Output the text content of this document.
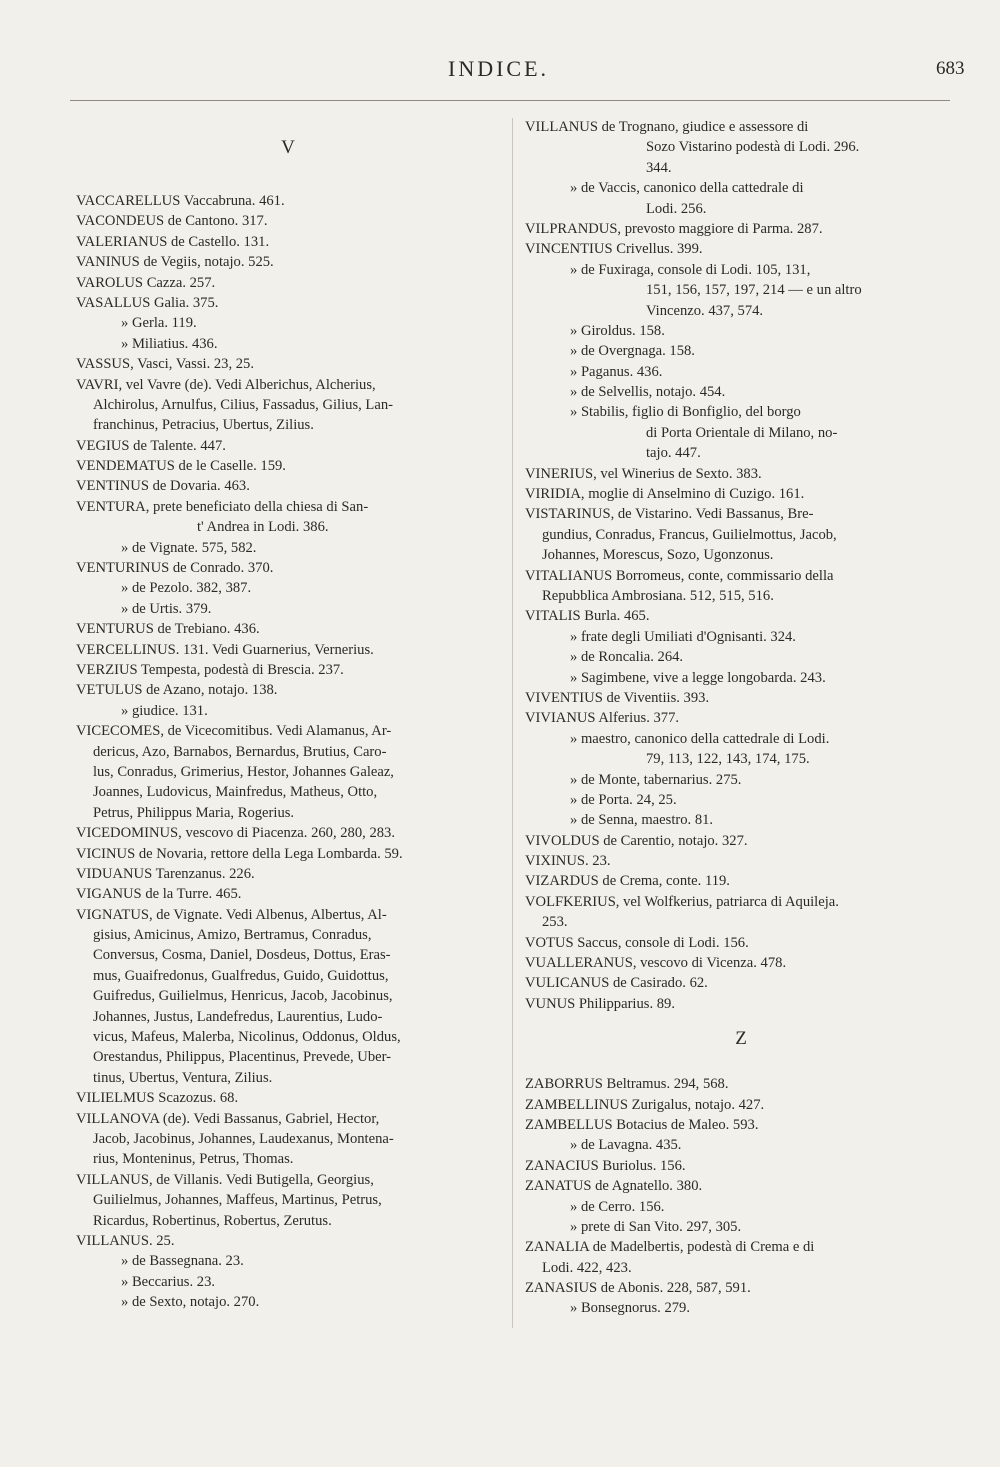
INDICE.	683
V
VACCARELLUS Vaccabruna. 461.
VACONDEUS de Cantono. 317.
VALERIANUS de Castello. 131.
VANINUS de Vegiis, notajo. 525.
VAROLUS Cazza. 257.
VASALLUS Galia. 375.
» Gerla. 119.
» Miliatius. 436.
VASSUS, Vasci, Vassi. 23, 25.
VAVRI, vel Vavre (de). Vedi Alberichus, Alcherius,
Alchirolus, Arnulfus, Cilius, Fassadus, Gilius, Lan-
franchinus, Petracius, Ubertus, Zilius.
VEGIUS de Talente. 447.
VENDEMATUS de le Caselle. 159.
VENTINUS de Dovaria. 463.
VENTURA, prete beneficiato della chiesa di San-
t' Andrea in Lodi. 386.
» de Vignate. 575, 582.
VENTURINUS de Conrado. 370.
» de Pezolo. 382, 387.
» de Urtis. 379.
VENTURUS de Trebiano. 436.
VERCELLINUS. 131. Vedi Guarnerius, Vernerius.
VERZIUS Tempesta, podestà di Brescia. 237.
VETULUS de Azano, notajo. 138.
» giudice. 131.
VICECOMES, de Vicecomitibus. Vedi Alamanus, Ar-
dericus, Azo, Barnabos, Bernardus, Brutius, Caro-
lus, Conradus, Grimerius, Hestor, Johannes Galeaz,
Joannes, Ludovicus, Mainfredus, Matheus, Otto,
Petrus, Philippus Maria, Rogerius.
VICEDOMINUS, vescovo di Piacenza. 260, 280, 283.
VICINUS de Novaria, rettore della Lega Lombarda. 59.
VIDUANUS Tarenzanus. 226.
VIGANUS de la Turre. 465.
VIGNATUS, de Vignate. Vedi Albenus, Albertus, Al-
gisius, Amicinus, Amizo, Bertramus, Conradus,
Conversus, Cosma, Daniel, Dosdeus, Dottus, Eras-
mus, Guaifredonus, Gualfredus, Guido, Guidottus,
Guifredus, Guilielmus, Henricus, Jacob, Jacobinus,
Johannes, Justus, Landefredus, Laurentius, Ludo-
vicus, Mafeus, Malerba, Nicolinus, Oddonus, Oldus,
Orestandus, Philippus, Placentinus, Prevede, Uber-
tinus, Ubertus, Ventura, Zilius.
VILIELMUS Scazozus. 68.
VILLANOVA (de). Vedi Bassanus, Gabriel, Hector,
Jacob, Jacobinus, Johannes, Laudexanus, Montena-
rius, Monteninus, Petrus, Thomas.
VILLANUS, de Villanis. Vedi Butigella, Georgius,
Guilielmus, Johannes, Maffeus, Martinus, Petrus,
Ricardus, Robertinus, Robertus, Zerutus.
VILLANUS. 25.
» de Bassegnana. 23.
» Beccarius. 23.
» de Sexto, notajo. 270.
VILLANUS de Trognano, giudice e assessore di
Sozo Vistarino podestà di Lodi. 296.
344.
» de Vaccis, canonico della cattedrale di
Lodi. 256.
VILPRANDUS, prevosto maggiore di Parma. 287.
VINCENTIUS Crivellus. 399.
» de Fuxiraga, console di Lodi. 105, 131,
151, 156, 157, 197, 214 — e un altro
Vincenzo. 437, 574.
» Giroldus. 158.
» de Overgnaga. 158.
» Paganus. 436.
» de Selvellis, notajo. 454.
» Stabilis, figlio di Bonfiglio, del borgo
di Porta Orientale di Milano, no-
tajo. 447.
VINERIUS, vel Winerius de Sexto. 383.
VIRIDIA, moglie di Anselmino di Cuzigo. 161.
VISTARINUS, de Vistarino. Vedi Bassanus, Bre-
gundius, Conradus, Francus, Guilielmottus, Jacob,
Johannes, Morescus, Sozo, Ugonzonus.
VITALIANUS Borromeus, conte, commissario della
Repubblica Ambrosiana. 512, 515, 516.
VITALIS Burla. 465.
» frate degli Umiliati d'Ognisanti. 324.
» de Roncalia. 264.
» Sagimbene, vive a legge longobarda. 243.
VIVENTIUS de Viventiis. 393.
VIVIANUS Alferius. 377.
» maestro, canonico della cattedrale di Lodi.
79, 113, 122, 143, 174, 175.
» de Monte, tabernarius. 275.
» de Porta. 24, 25.
» de Senna, maestro. 81.
VIVOLDUS de Carentio, notajo. 327.
VIXINUS. 23.
VIZARDUS de Crema, conte. 119.
VOLFKERIUS, vel Wolfkerius, patriarca di Aquileja.
253.
VOTUS Saccus, console di Lodi. 156.
VUALLERANUS, vescovo di Vicenza. 478.
VULICANUS de Casirado. 62.
VUNUS Philipparius. 89.
Z
ZABORRUS Beltramus. 294, 568.
ZAMBELLINUS Zurigalus, notajo. 427.
ZAMBELLUS Botacius de Maleo. 593.
» de Lavagna. 435.
ZANACIUS Buriolus. 156.
ZANATUS de Agnatello. 380.
» de Cerro. 156.
» prete di San Vito. 297, 305.
ZANALIA de Madelbertis, podestà di Crema e di
Lodi. 422, 423.
ZANASIUS de Abonis. 228, 587, 591.
» Bonsegnorus. 279.
